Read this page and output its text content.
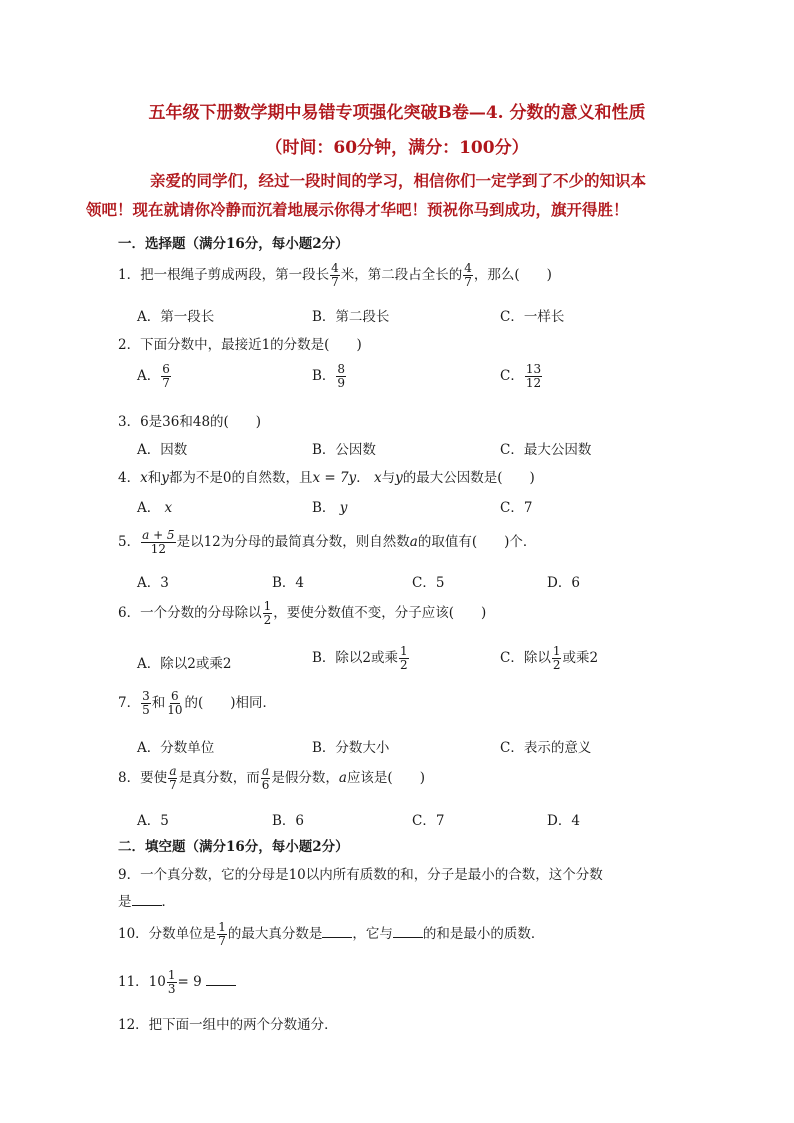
五年级下册数学期中易错专项强化突破B卷—4. 分数的意义和性质
（时间：60分钟，满分：100分）
亲爱的同学们，经过一段时间的学习，相信你们一定学到了不少的知识本
领吧！现在就请你冷静而沉着地展示你得才华吧！预祝你马到成功，旗开得胜！
一．选择题（满分16分，每小题2分）
1．把一根绳子剪成两段，第一段长 $\frac{4}{7}$ 米，第二段占全长的 $\frac{4}{7}$ ，那么(　　)
A．第一段长	B．第二段长	C．一样长
2．下面分数中，最接近1的分数是(　　)
A． $\frac{6}{7}$	B． $\frac{8}{9}$	C． $\frac{13}{12}$
3．6是36和48的(　　)
A．因数	B．公因数	C．最大公因数
4．x和y都为不是0的自然数，且x = 7y． x与y的最大公因数是(　　)
A． x	B． y	C．7
5． $\frac{a + 5}{12}$ 是以12为分母的最简真分数，则自然数a的取值有(　　)个．
A．3	B．4	C．5	D．6
6．一个分数的分母除以 $\frac{1}{2}$ ，要使分数值不变，分子应该(　　)
A．除以2或乘2	B．除以2或乘 $\frac{1}{2}$	C．除以 $\frac{1}{2}$ 或乘2
7． $\frac{3}{5}$ 和 $\frac{6}{10}$ 的(　　)相同．
A．分数单位	B．分数大小	C．表示的意义
8．要使 $\frac{a}{7}$ 是真分数，而 $\frac{a}{6}$ 是假分数，a应该是(　　)
A．5	B．6	C．7	D．4
二．填空题（满分16分，每小题2分）
9．一个真分数，它的分母是10以内所有质数的和，分子是最小的合数，这个分数
是 ．
10．分数单位是 $\frac{1}{7}$ 的最大真分数是 ，它与 的和是最小的质数．
11．$10 \frac{1}{3} = 9$
12．把下面一组中的两个分数通分．
